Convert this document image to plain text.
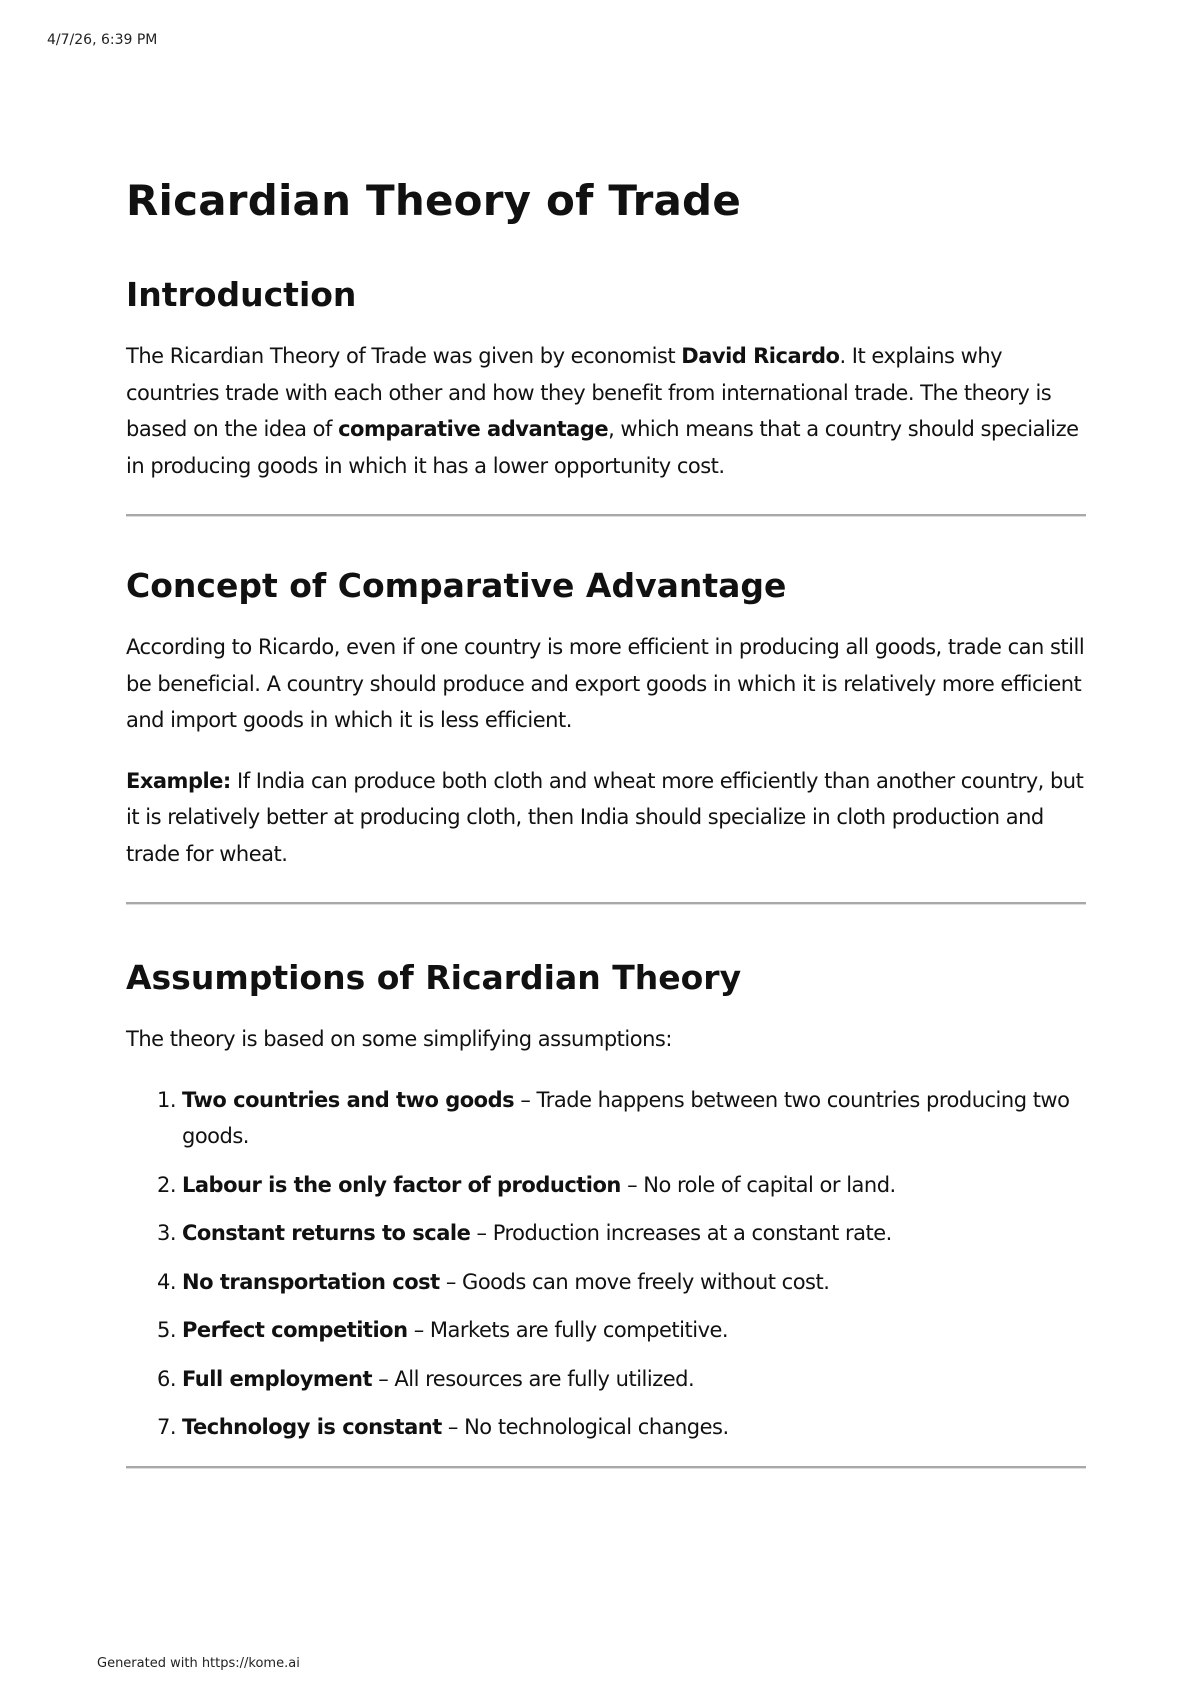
4/7/26, 6:39 PM
Ricardian Theory of Trade
Introduction

The Ricardian Theory of Trade was given by economist David Ricardo. It explains why countries trade with each other and how they benefit from international trade. The theory is based on the idea of comparative advantage, which means that a country should specialize in producing goods in which it has a lower opportunity cost.

Concept of Comparative Advantage

According to Ricardo, even if one country is more efficient in producing all goods, trade can still be beneficial. A country should produce and export goods in which it is relatively more efficient and import goods in which it is less efficient.

Example: If India can produce both cloth and wheat more efficiently than another country, but it is relatively better at producing cloth, then India should specialize in cloth production and trade for wheat.

Assumptions of Ricardian Theory

The theory is based on some simplifying assumptions:

1 . Two countries and two goods – Trade happens between two countries producing two goods.
2 . Labour is the only factor of production – No role of capital or land.
3 . Constant returns to scale – Production increases at a constant rate.
4 . No transportation cost – Goods can move freely without cost.
5 . Perfect competition – Markets are fully competitive.
6 . Full employment – All resources are fully utilized.
7 . Technology is constant – No technological changes.
Generated with https://kome.ai
